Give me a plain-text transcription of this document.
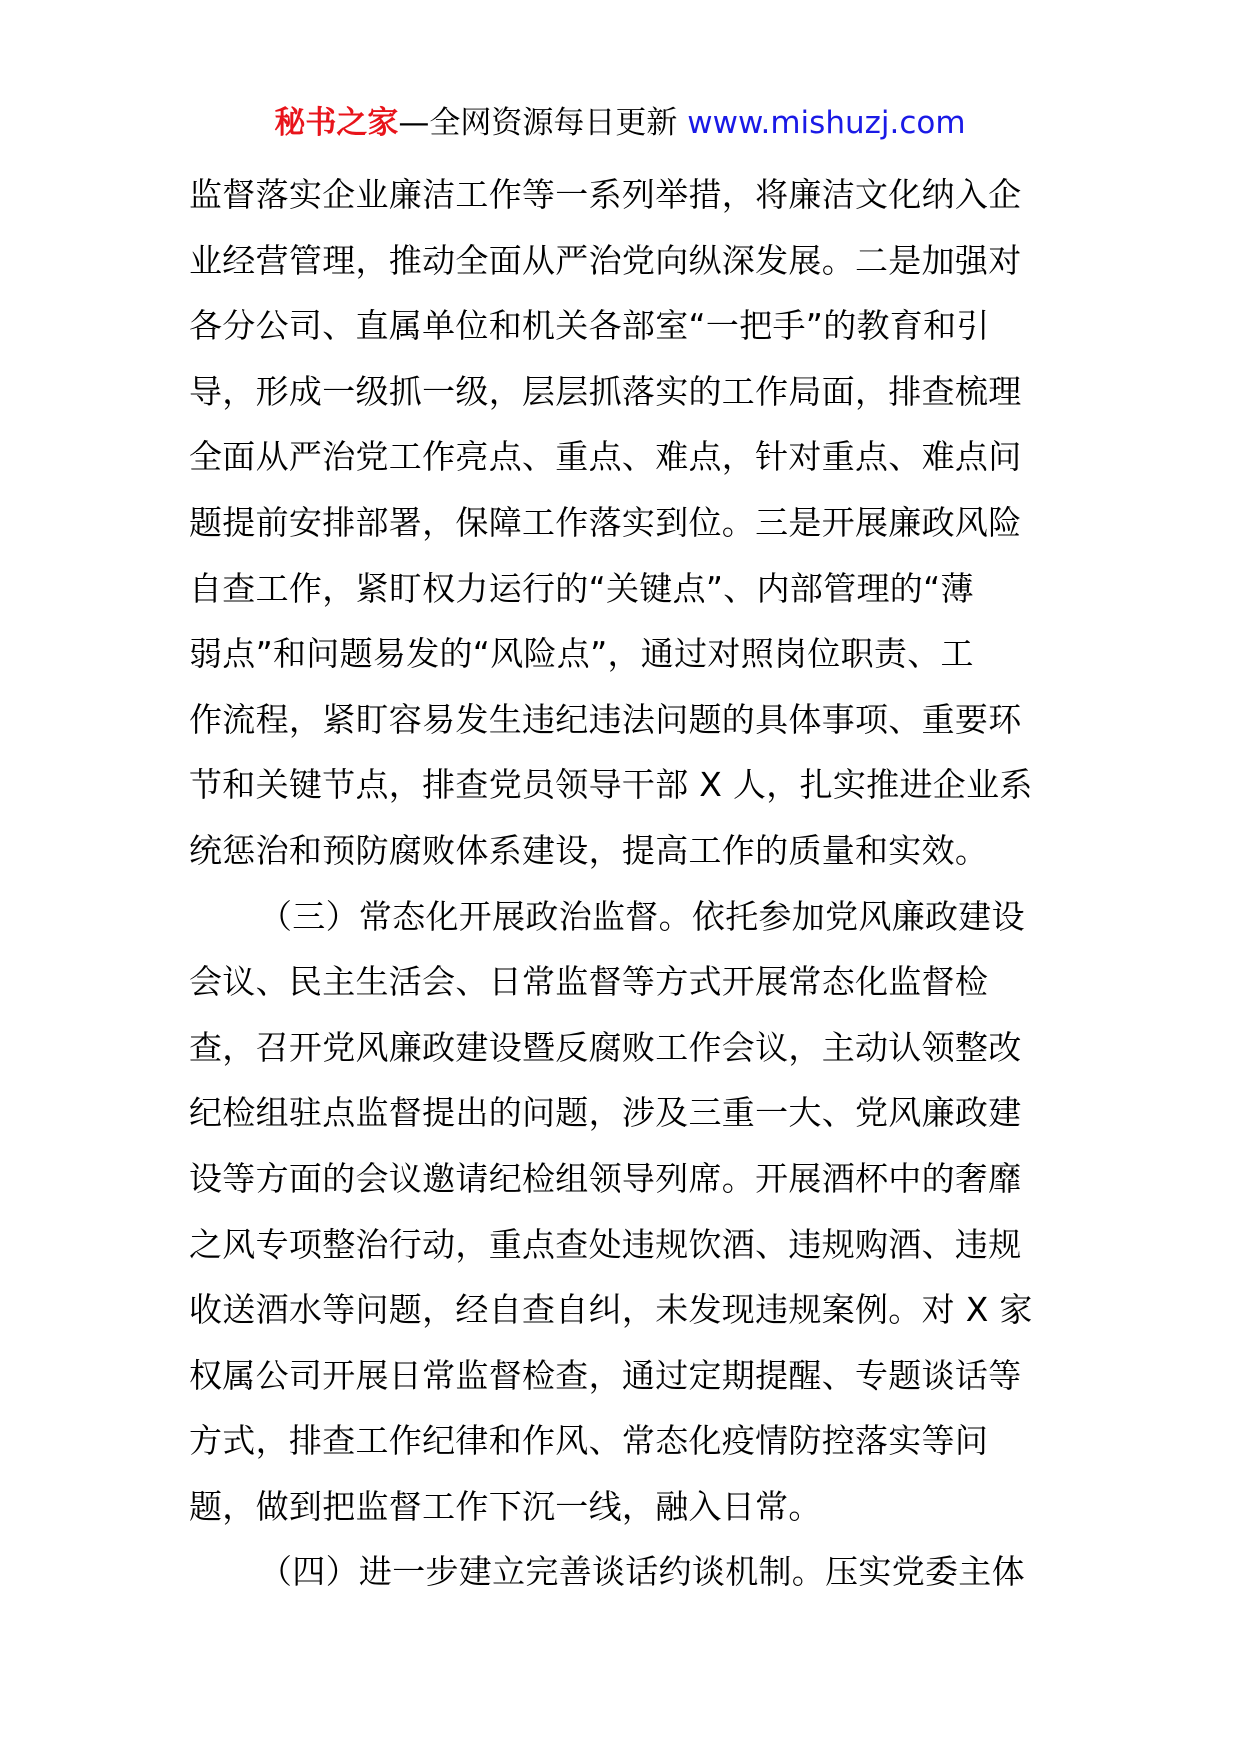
秘书之家—全网资源每日更新 www.mishuzj.com
监督落实企业廉洁工作等一系列举措，将廉洁文化纳入企
业经营管理，推动全面从严治党向纵深发展。二是加强对
各分公司、直属单位和机关各部室“一把手”的教育和引
导，形成一级抓一级，层层抓落实的工作局面，排查梳理
全面从严治党工作亮点、重点、难点，针对重点、难点问
题提前安排部署，保障工作落实到位。三是开展廉政风险
自查工作，紧盯权力运行的“关键点”、内部管理的“薄
弱点”和问题易发的“风险点”，通过对照岗位职责、工
作流程，紧盯容易发生违纪违法问题的具体事项、重要环
节和关键节点，排查党员领导干部 X 人，扎实推进企业系
统惩治和预防腐败体系建设，提高工作的质量和实效。
（三）常态化开展政治监督。依托参加党风廉政建设
会议、民主生活会、日常监督等方式开展常态化监督检
查，召开党风廉政建设暨反腐败工作会议，主动认领整改
纪检组驻点监督提出的问题，涉及三重一大、党风廉政建
设等方面的会议邀请纪检组领导列席。开展酒杯中的奢靡
之风专项整治行动，重点查处违规饮酒、违规购酒、违规
收送酒水等问题，经自查自纠，未发现违规案例。对 X 家
权属公司开展日常监督检查，通过定期提醒、专题谈话等
方式，排查工作纪律和作风、常态化疫情防控落实等问
题，做到把监督工作下沉一线，融入日常。
（四）进一步建立完善谈话约谈机制。压实党委主体
